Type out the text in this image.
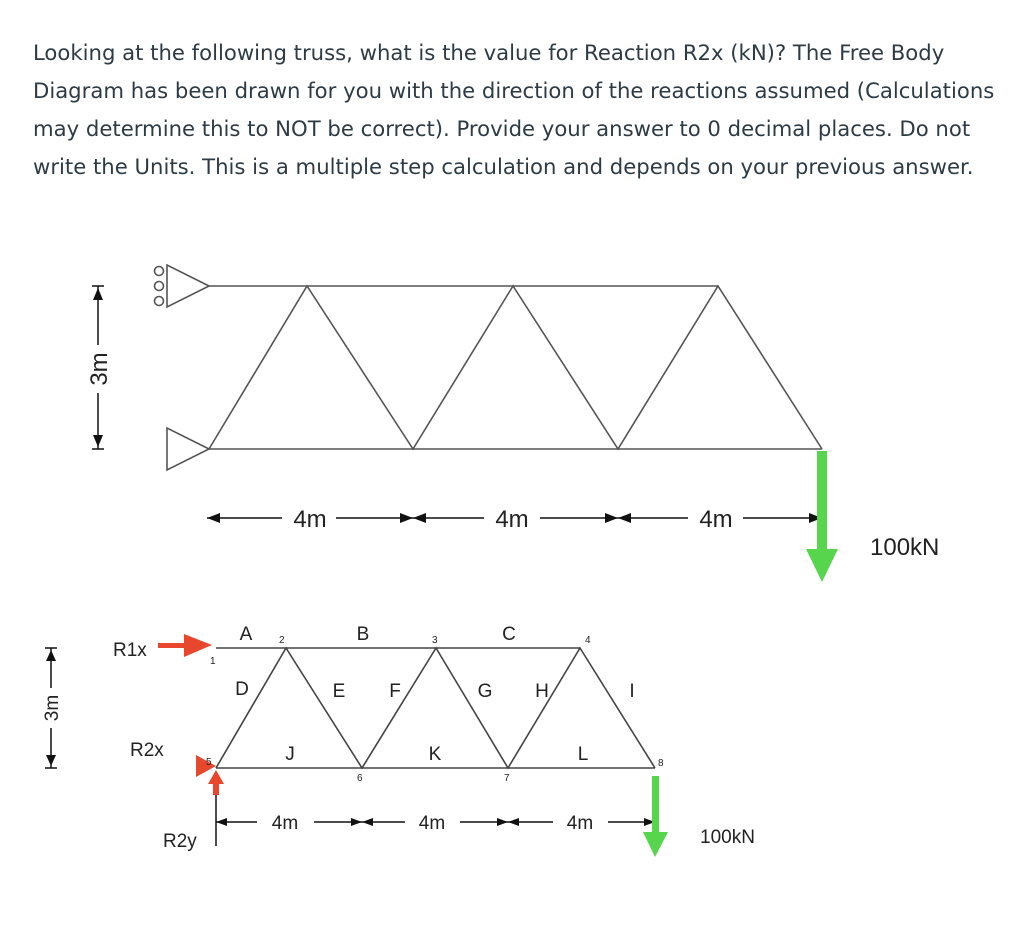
Looking at the following truss, what is the value for Reaction R2x (kN)? The Free Body Diagram has been drawn for you with the direction of the reactions assumed (Calculations may determine this to NOT be correct). Provide your answer to 0 decimal places. Do not write the Units. This is a multiple step calculation and depends on your previous answer.

3m
4m	4m	4m
100kN
3m
R1x
R2x
R2y
A	B	C
D	E F	G H	I
J	K	L
1
2	3	4
5
6	7
8
4m	4m	4m
100kN
